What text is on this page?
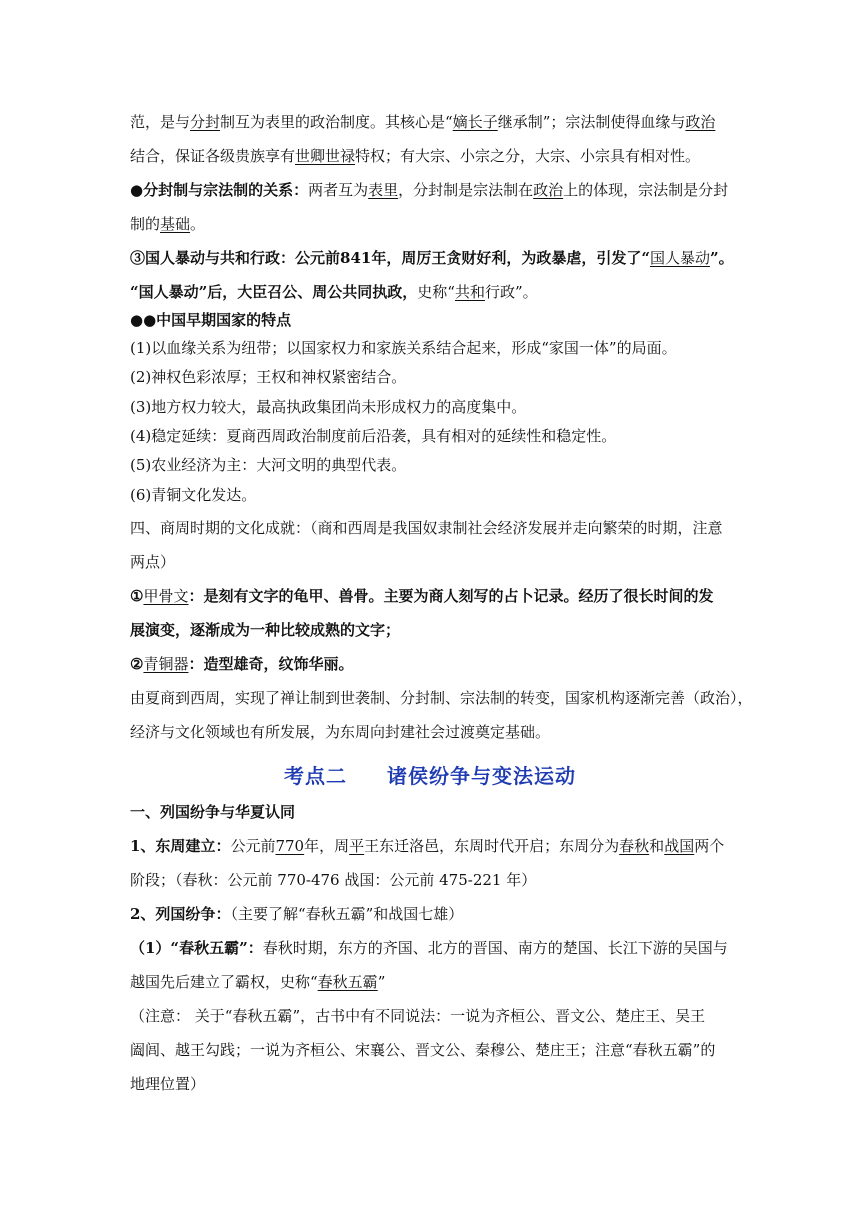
范，是与分封制互为表里的政治制度。其核心是“嫡长子继承制”；宗法制使得血缘与政治
结合，保证各级贵族享有世卿世禄特权；有大宗、小宗之分，大宗、小宗具有相对性。
●分封制与宗法制的关系：两者互为表里，分封制是宗法制在政治上的体现，宗法制是分封
制的基础。
③国人暴动与共和行政：公元前841年，周厉王贪财好利，为政暴虐，引发了“国人暴动”。
“国人暴动”后，大臣召公、周公共同执政，史称“共和行政”。
●●中国早期国家的特点
(1)以血缘关系为纽带；以国家权力和家族关系结合起来，形成“家国一体”的局面。
(2)神权色彩浓厚；王权和神权紧密结合。
(3)地方权力较大，最高执政集团尚未形成权力的高度集中。
(4)稳定延续：夏商西周政治制度前后沿袭，具有相对的延续性和稳定性。
(5)农业经济为主：大河文明的典型代表。
(6)青铜文化发达。
四、商周时期的文化成就：（商和西周是我国奴隶制社会经济发展并走向繁荣的时期，注意
两点）
①甲骨文：是刻有文字的龟甲、兽骨。主要为商人刻写的占卜记录。经历了很长时间的发
展演变，逐渐成为一种比较成熟的文字；
②青铜器：造型雄奇，纹饰华丽。
由夏商到西周，实现了禅让制到世袭制、分封制、宗法制的转变，国家机构逐渐完善（政治），
经济与文化领域也有所发展，为东周向封建社会过渡奠定基础。
考点二 诸侯纷争与变法运动
一、列国纷争与华夏认同
1、东周建立：公元前770年，周平王东迁洛邑，东周时代开启；东周分为春秋和战国两个
阶段；（春秋：公元前 770-476 战国：公元前 475-221 年）
2、列国纷争：（主要了解“春秋五霸”和战国七雄）
（1）“春秋五霸”：春秋时期，东方的齐国、北方的晋国、南方的楚国、长江下游的吴国与
越国先后建立了霸权，史称“春秋五霸”
（注意： 关于“春秋五霸”，古书中有不同说法：一说为齐桓公、晋文公、楚庄王、吴王
阖闾、越王勾践；一说为齐桓公、宋襄公、晋文公、秦穆公、楚庄王；注意“春秋五霸”的
地理位置）
